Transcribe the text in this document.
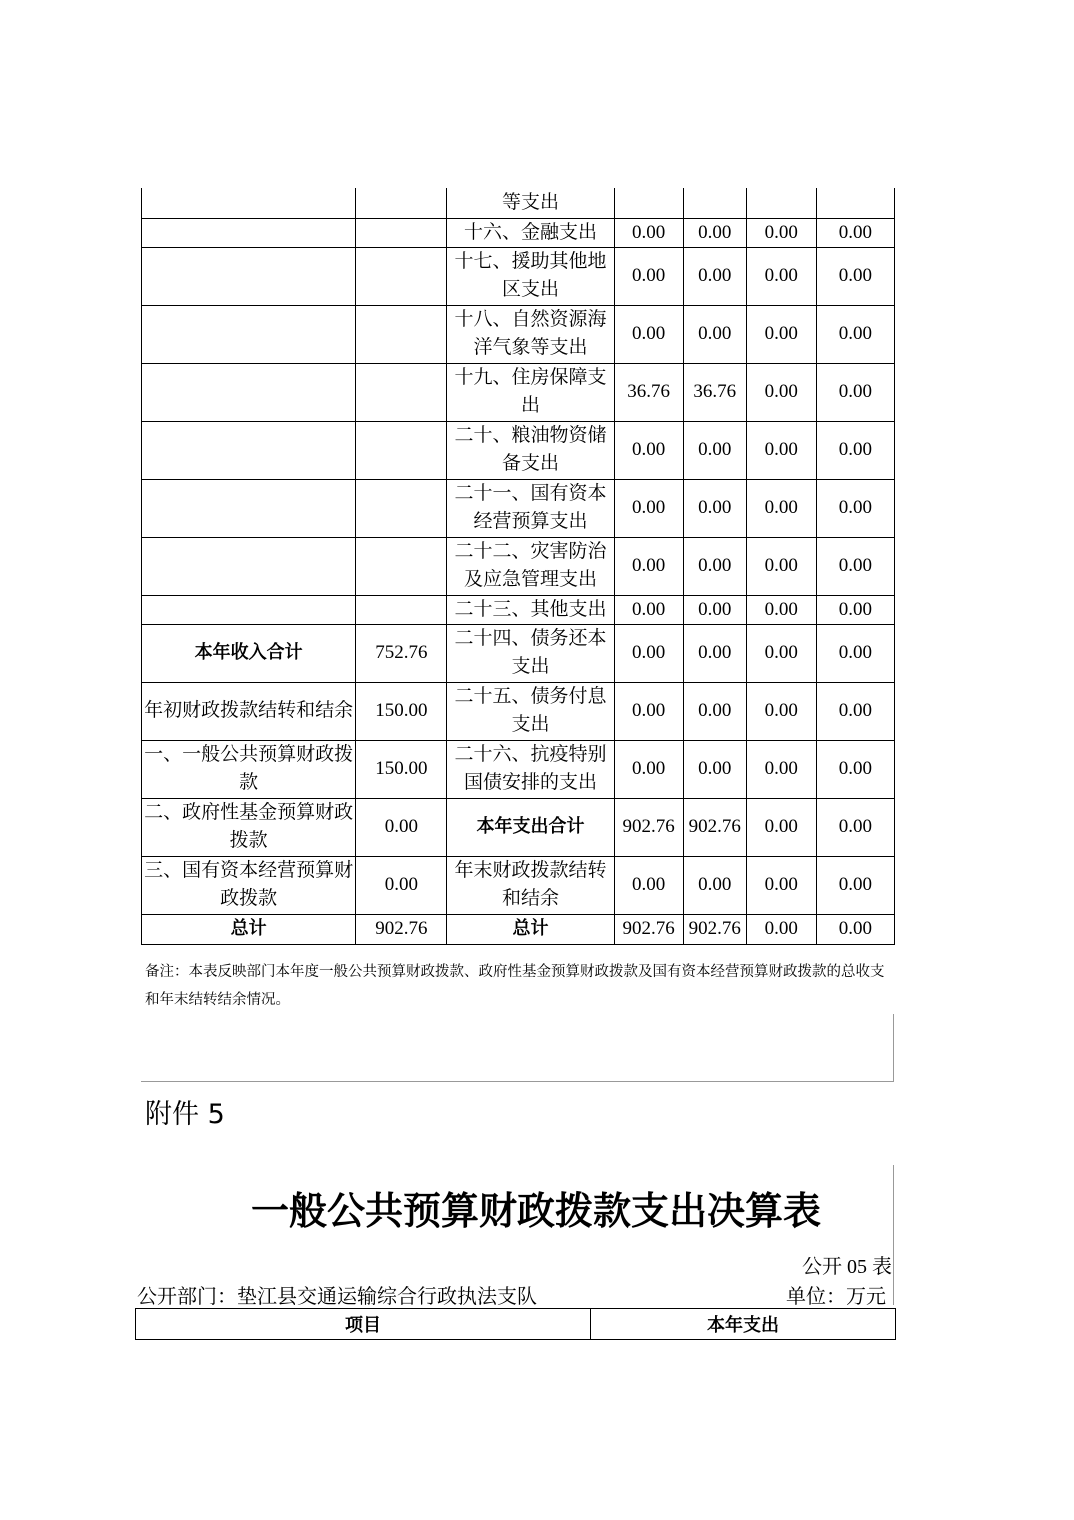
		等支出				
		十六、金融支出	0.00	0.00	0.00	0.00
		十七、援助其他地区支出	0.00	0.00	0.00	0.00
		十八、自然资源海洋气象等支出	0.00	0.00	0.00	0.00
		十九、住房保障支出	36.76	36.76	0.00	0.00
		二十、粮油物资储备支出	0.00	0.00	0.00	0.00
		二十一、国有资本经营预算支出	0.00	0.00	0.00	0.00
		二十二、灾害防治及应急管理支出	0.00	0.00	0.00	0.00
		二十三、其他支出	0.00	0.00	0.00	0.00
本年收入合计	752.76	二十四、债务还本支出	0.00	0.00	0.00	0.00
年初财政拨款结转和结余	150.00	二十五、债务付息支出	0.00	0.00	0.00	0.00
一、一般公共预算财政拨款	150.00	二十六、抗疫特别国债安排的支出	0.00	0.00	0.00	0.00
二、政府性基金预算财政拨款	0.00	本年支出合计	902.76	902.76	0.00	0.00
三、国有资本经营预算财政拨款	0.00	年末财政拨款结转和结余	0.00	0.00	0.00	0.00
总计	902.76	总计	902.76	902.76	0.00	0.00
备注：本表反映部门本年度一般公共预算财政拨款、政府性基金预算财政拨款及国有资本经营预算财政拨款的总收支和年末结转结余情况。
附件 5
一般公共预算财政拨款支出决算表
公开 05 表
公开部门：垫江县交通运输综合行政执法支队	单位：万元
项目	本年支出
